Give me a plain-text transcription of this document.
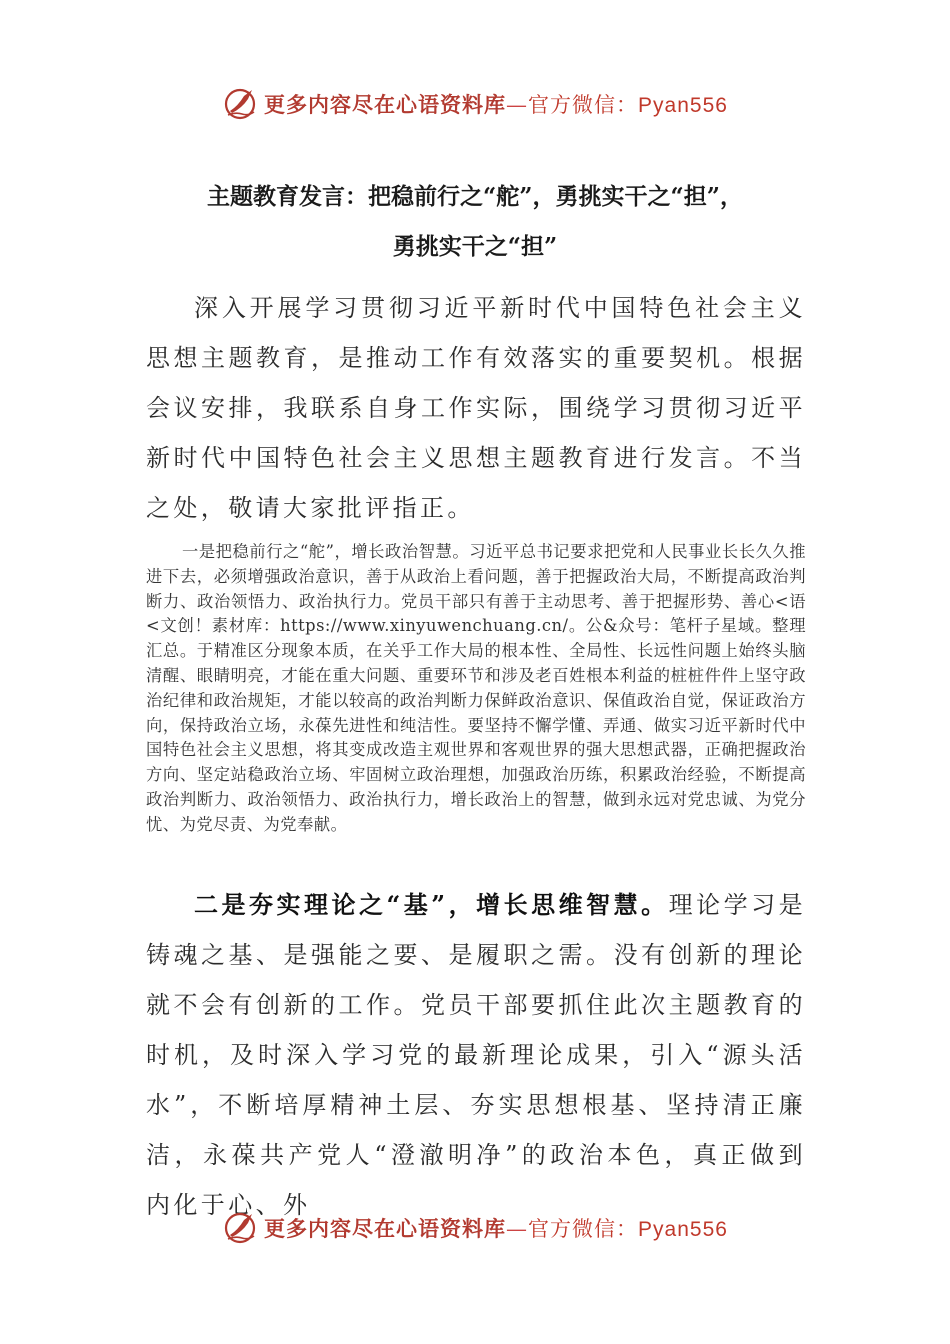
更多内容尽在心语资料库—官方微信：Pyan556
主题教育发言：把稳前行之“舵”，勇挑实干之“担”，
勇挑实干之“担”
深入开展学习贯彻习近平新时代中国特色社会主义思想主题教育，是推动工作有效落实的重要契机。根据会议安排，我联系自身工作实际，围绕学习贯彻习近平新时代中国特色社会主义思想主题教育进行发言。不当之处，敬请大家批评指正。
一是把稳前行之“舵”，增长政治智慧。习近平总书记要求把党和人民事业长长久久推进下去，必须增强政治意识，善于从政治上看问题，善于把握政治大局，不断提高政治判断力、政治领悟力、政治执行力。党员干部只有善于主动思考、善于把握形势、善心<语<文创！素材库：https://www.xinyuwenchuang.cn/。公&众号：笔杆子星域。整理汇总。于精准区分现象本质，在关乎工作大局的根本性、全局性、长远性问题上始终头脑清醒、眼睛明亮，才能在重大问题、重要环节和涉及老百姓根本利益的桩桩件件上坚守政治纪律和政治规矩，才能以较高的政治判断力保鲜政治意识、保值政治自觉，保证政治方向，保持政治立场，永葆先进性和纯洁性。要坚持不懈学懂、弄通、做实习近平新时代中国特色社会主义思想，将其变成改造主观世界和客观世界的强大思想武器，正确把握政治方向、坚定站稳政治立场、牢固树立政治理想，加强政治历练，积累政治经验，不断提高政治判断力、政治领悟力、政治执行力，增长政治上的智慧，做到永远对党忠诚、为党分忧、为党尽责、为党奉献。
二是夯实理论之“基”，增长思维智慧。理论学习是铸魂之基、是强能之要、是履职之需。没有创新的理论就不会有创新的工作。党员干部要抓住此次主题教育的时机，及时深入学习党的最新理论成果，引入“源头活水”，不断培厚精神土层、夯实思想根基、坚持清正廉洁，永葆共产党人“澄澈明净”的政治本色，真正做到内化于心、外
更多内容尽在心语资料库—官方微信：Pyan556
